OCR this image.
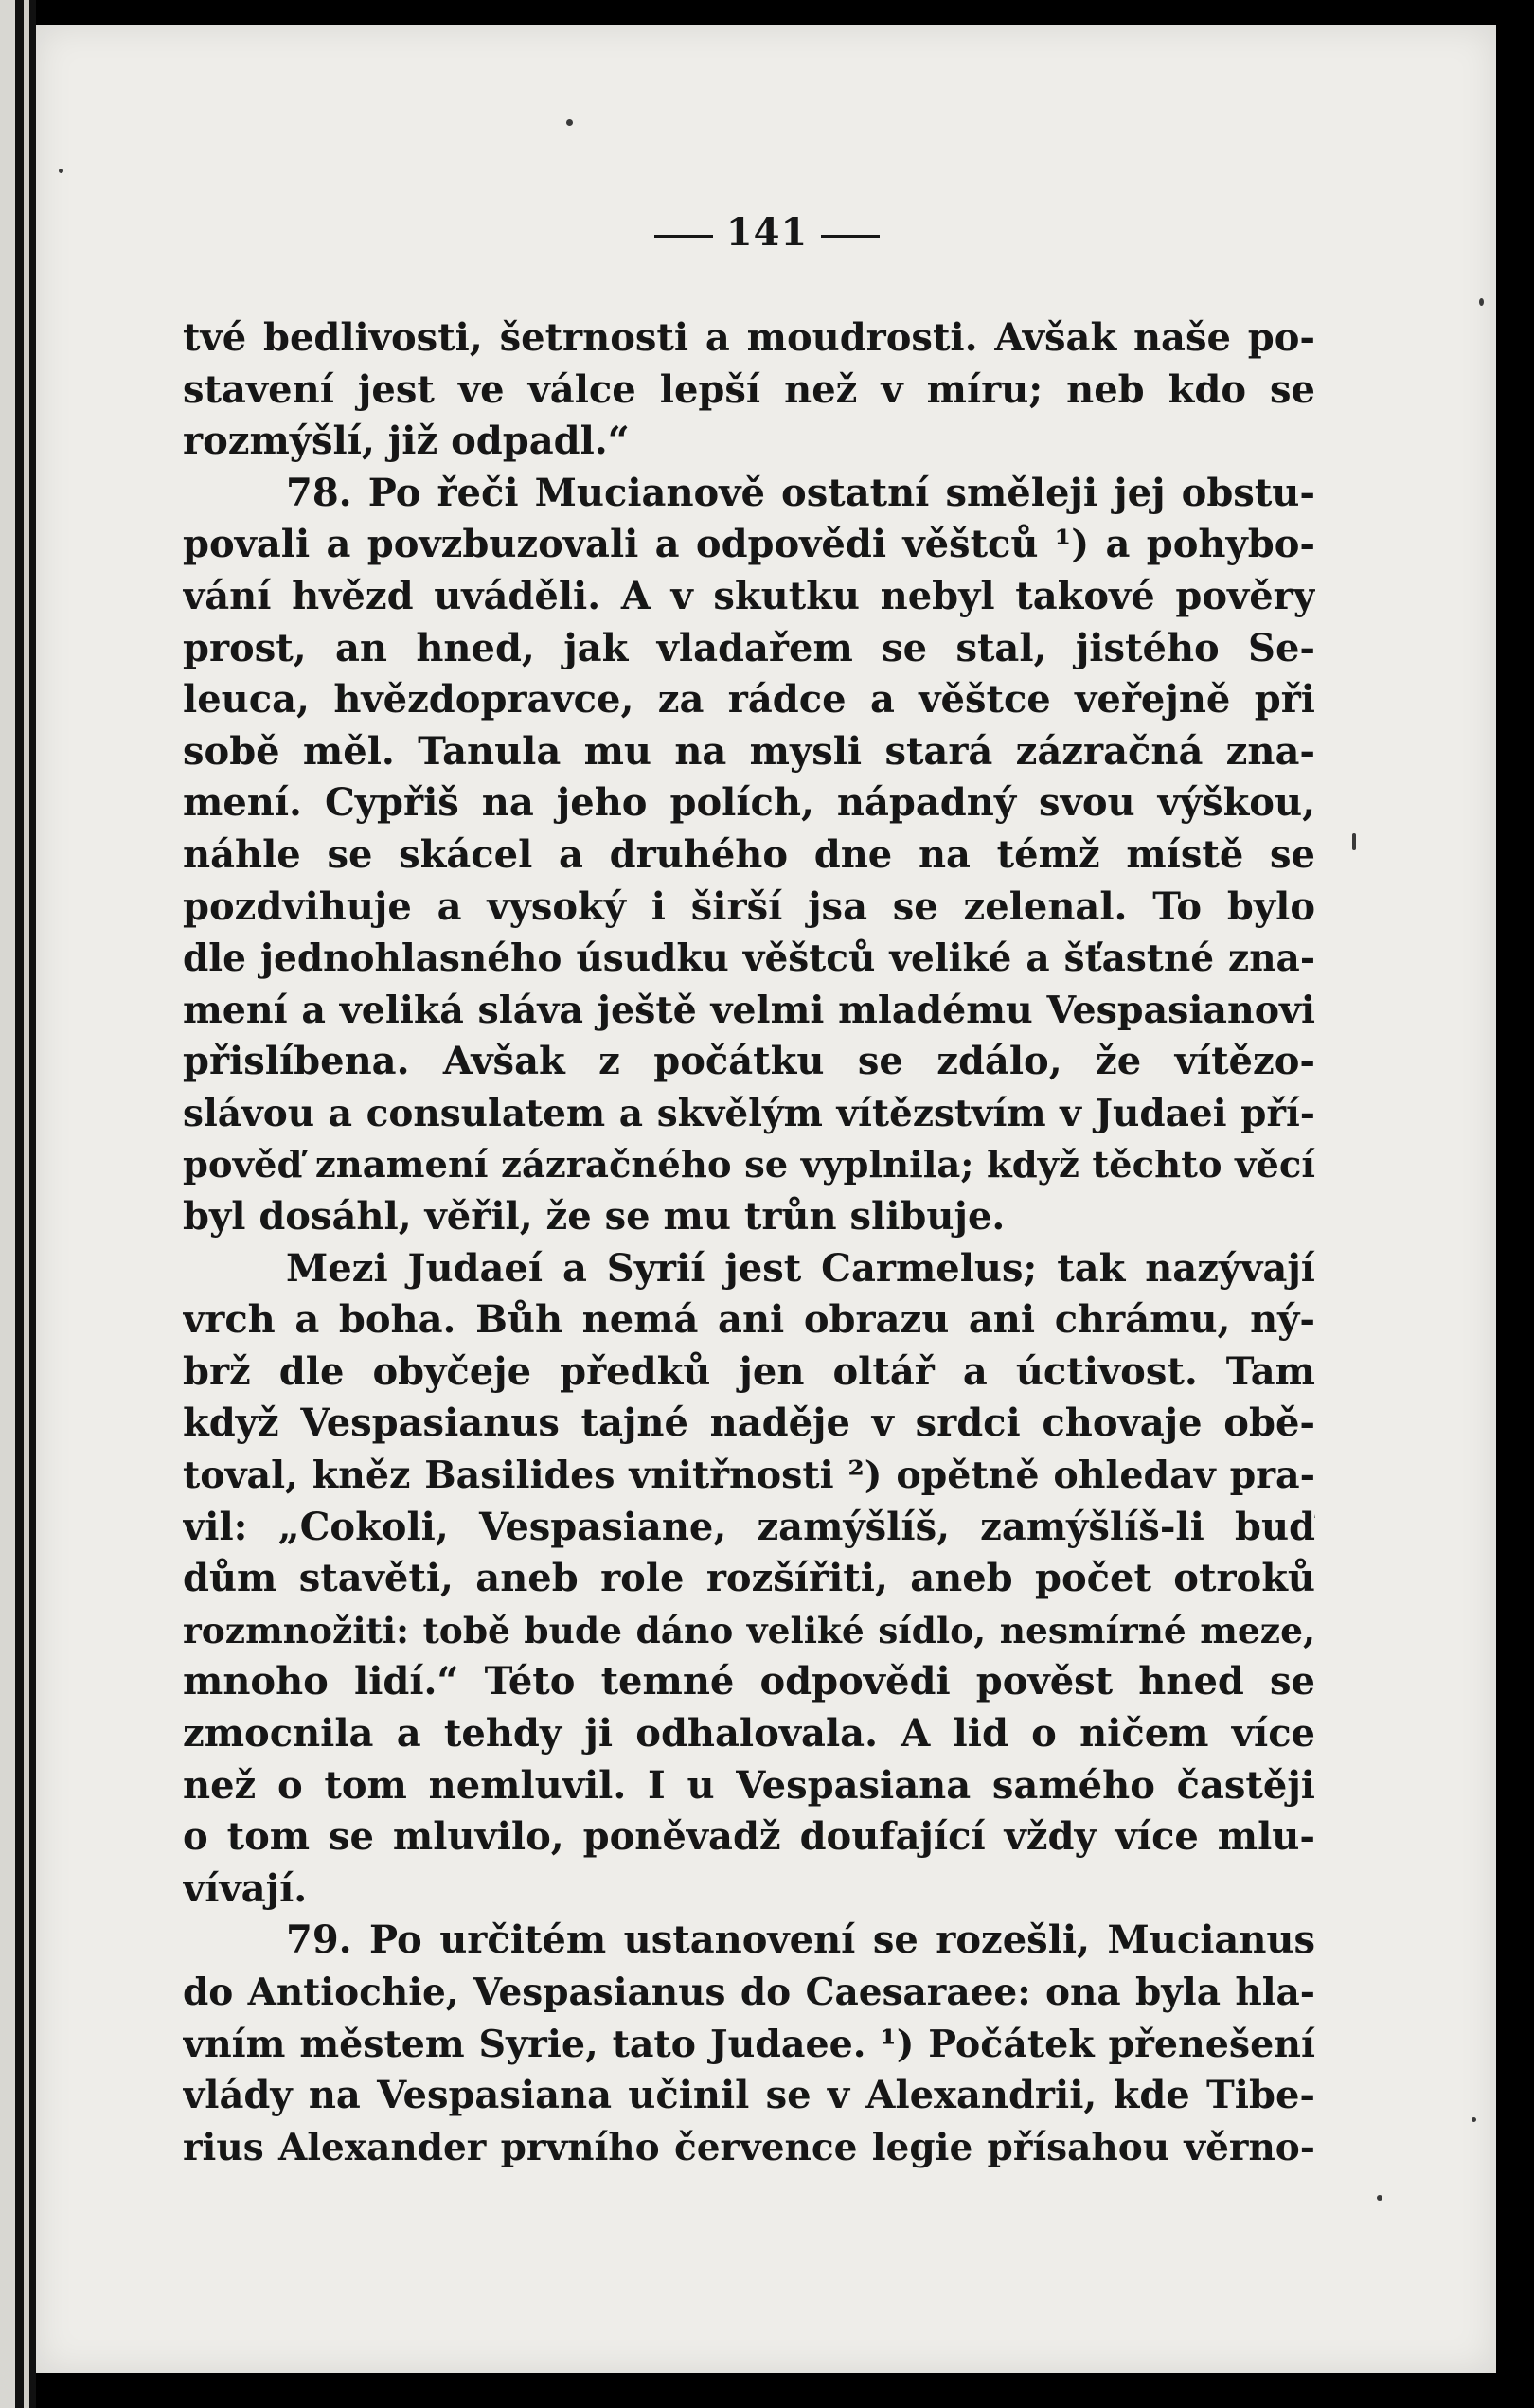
141
tvé bedlivosti, šetrnosti a moudrosti. Avšak naše po-
stavení jest ve válce lepší než v míru; neb kdo se
rozmýšlí, již odpadl.“
78. Po řeči Mucianově ostatní směleji jej obstu-
povali a povzbuzovali a odpovědi věštců ¹) a pohybo-
vání hvězd uváděli. A v skutku nebyl takové pověry
prost, an hned, jak vladařem se stal, jistého Se-
leuca, hvězdopravce, za rádce a věštce veřejně při
sobě měl. Tanula mu na mysli stará zázračná zna-
mení. Cypřiš na jeho polích, nápadný svou výškou,
náhle se skácel a druhého dne na témž místě se
pozdvihuje a vysoký i širší jsa se zelenal. To bylo
dle jednohlasného úsudku věštců veliké a šťastné zna-
mení a veliká sláva ještě velmi mladému Vespasianovi
přislíbena. Avšak z počátku se zdálo, že vítězo-
slávou a consulatem a skvělým vítězstvím v Judaei pří-
pověď znamení zázračného se vyplnila; když těchto věcí
byl dosáhl, věřil, že se mu trůn slibuje.
Mezi Judaeí a Syrií jest Carmelus; tak nazývají
vrch a boha. Bůh nemá ani obrazu ani chrámu, ný-
brž dle obyčeje předků jen oltář a úctivost. Tam
když Vespasianus tajné naděje v srdci chovaje obě-
toval, kněz Basilides vnitřnosti ²) opětně ohledav pra-
vil: „Cokoli, Vespasiane, zamýšlíš, zamýšlíš-li buď
dům stavěti, aneb role rozšířiti, aneb počet otroků
rozmnožiti: tobě bude dáno veliké sídlo, nesmírné meze,
mnoho lidí.“ Této temné odpovědi pověst hned se
zmocnila a tehdy ji odhalovala. A lid o ničem více
než o tom nemluvil. I u Vespasiana samého častěji
o tom se mluvilo, poněvadž doufající vždy více mlu-
vívají.
79. Po určitém ustanovení se rozešli, Mucianus
do Antiochie, Vespasianus do Caesaraee: ona byla hla-
vním městem Syrie, tato Judaee. ¹) Počátek přenešení
vlády na Vespasiana učinil se v Alexandrii, kde Tibe-
rius Alexander prvního července legie přísahou věrno-
